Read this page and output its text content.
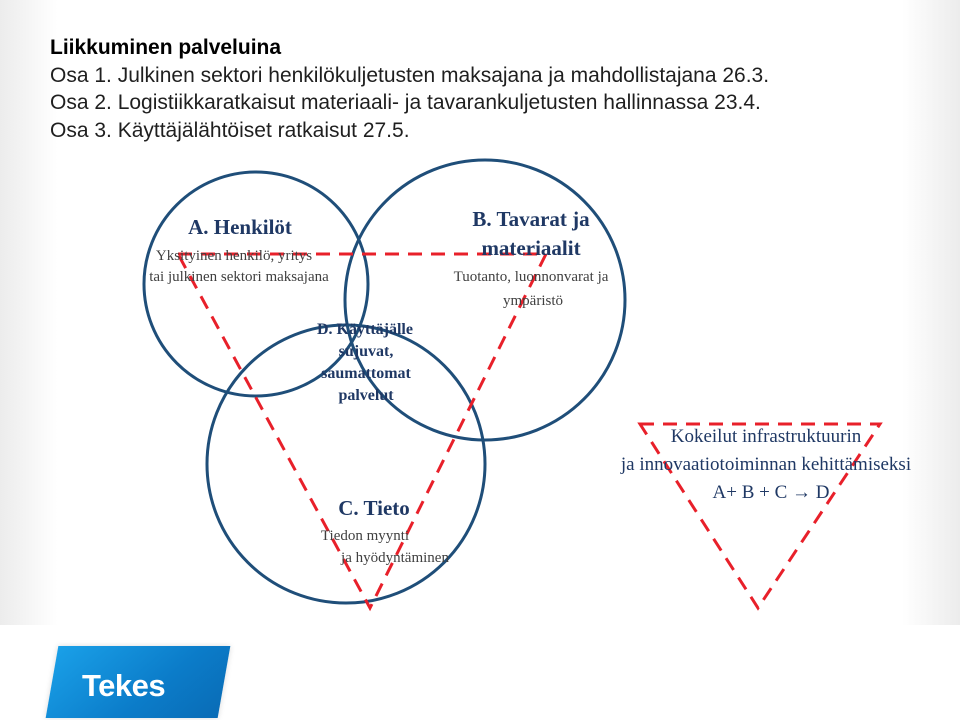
Liikkuminen palveluina
Osa 1. Julkinen sektori henkilökuljetusten maksajana ja mahdollistajana 26.3.
Osa 2. Logistiikkaratkaisut materiaali- ja tavarankuljetusten hallinnassa 23.4.
Osa 3. Käyttäjälähtöiset ratkaisut 27.5.
A. Henkilöt
Yksityinen henkilö, yritys
tai julkinen sektori maksajana
B. Tavarat ja
materiaalit
Tuotanto, luonnonvarat ja
ympäristö
D. Käyttäjälle
sujuvat,
saumattomat
palvelut
C. Tieto
Tiedon myynti
ja hyödyntäminen
Kokeilut infrastruktuurin
ja innovaatiotoiminnan kehittämiseksi
A+ B + C → D
Tekes
